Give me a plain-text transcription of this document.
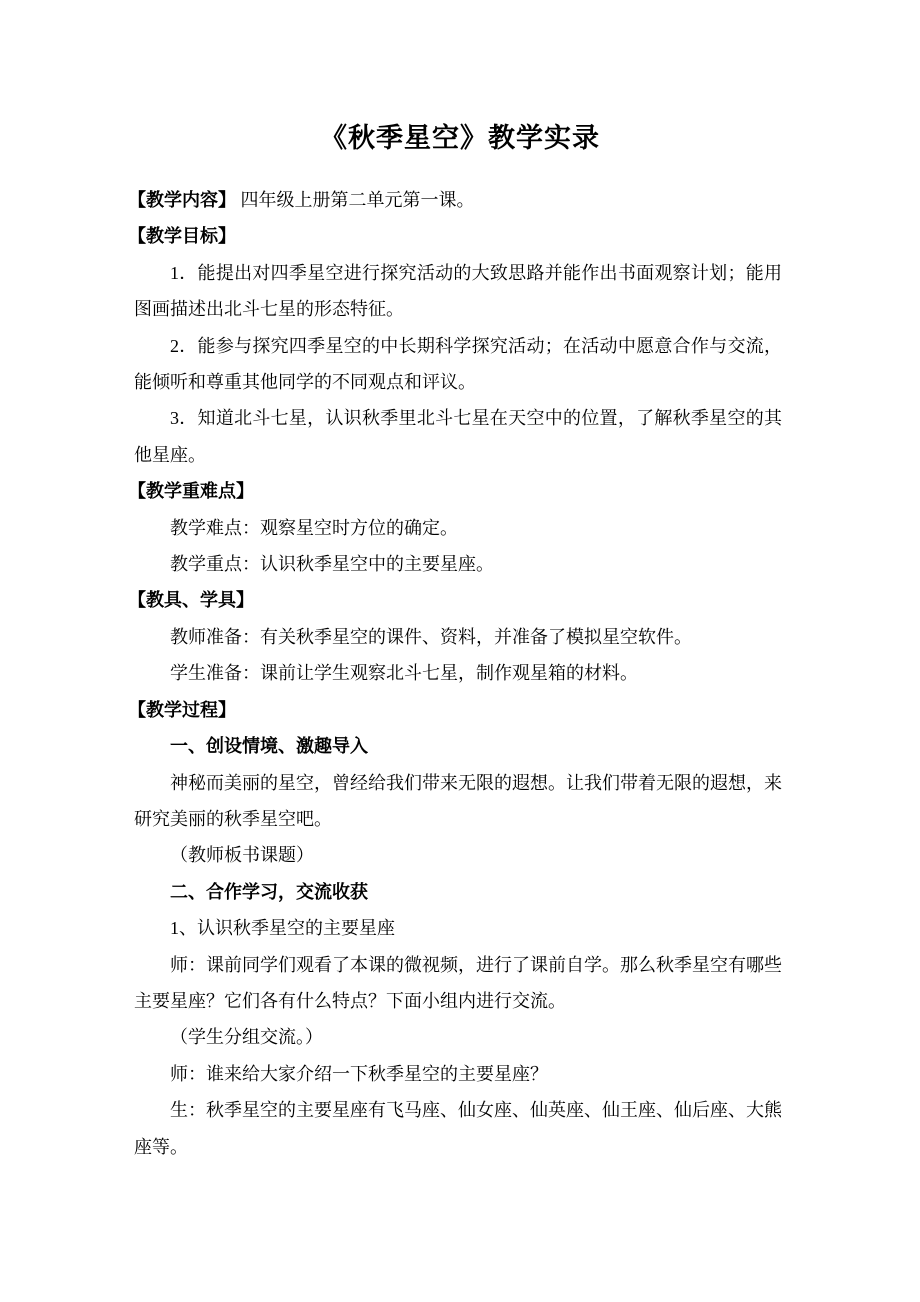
《秋季星空》教学实录

【教学内容】 四年级上册第二单元第一课。

【教学目标】

1．能提出对四季星空进行探究活动的大致思路并能作出书面观察计划；能用图画描述出北斗七星的形态特征。

2．能参与探究四季星空的中长期科学探究活动；在活动中愿意合作与交流，能倾听和尊重其他同学的不同观点和评议。

3．知道北斗七星，认识秋季里北斗七星在天空中的位置，了解秋季星空的其他星座。

【教学重难点】

教学难点：观察星空时方位的确定。

教学重点：认识秋季星空中的主要星座。

【教具、学具】

教师准备：有关秋季星空的课件、资料，并准备了模拟星空软件。

学生准备：课前让学生观察北斗七星，制作观星箱的材料。

【教学过程】

一、创设情境、激趣导入

神秘而美丽的星空，曾经给我们带来无限的遐想。让我们带着无限的遐想，来研究美丽的秋季星空吧。

（教师板书课题）

二、合作学习，交流收获

1、认识秋季星空的主要星座

师：课前同学们观看了本课的微视频，进行了课前自学。那么秋季星空有哪些主要星座？它们各有什么特点？下面小组内进行交流。

（学生分组交流。）

师：谁来给大家介绍一下秋季星空的主要星座？

生：秋季星空的主要星座有飞马座、仙女座、仙英座、仙王座、仙后座、大熊座等。
